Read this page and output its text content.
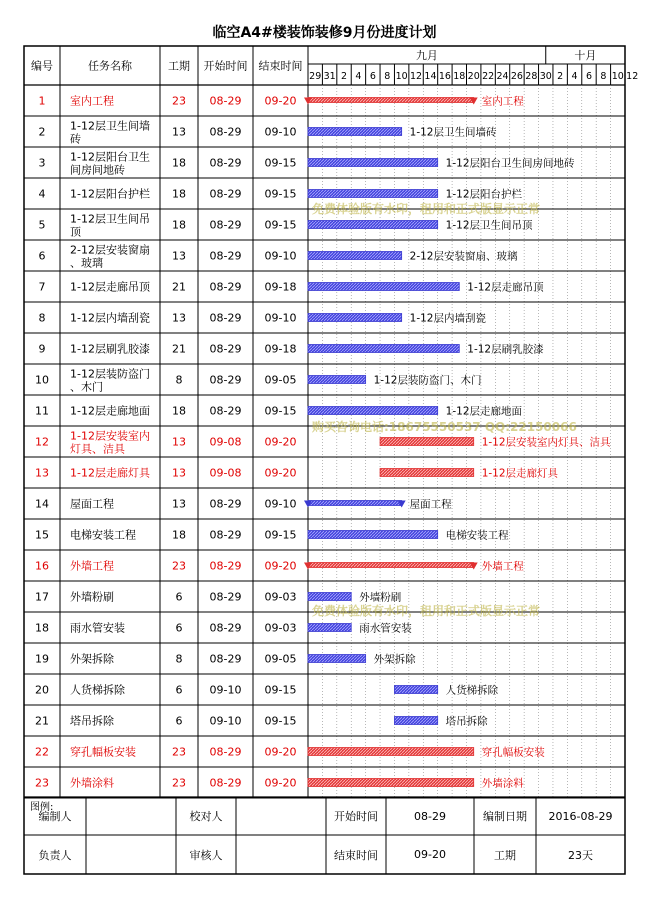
临空A4#楼装饰装修9月份进度计划
编号	任务名称	工期 开始时间 结束时间
九月	十月
29 31 2 4 6 8 10 12 14 16 18 20 22 24 26 28 30 2 4 6 8 10 12
1 室内工程	23 08-29 09-20	室内工程
2 1-12层卫生间墙
砖
13 08-29 09-10	1-12层卫生间墙砖
3 1-12层阳台卫生
间房间地砖
18 08-29 09-15	1-12层阳台卫生间房间地砖
4 1-12层阳台护栏 18 08-29 09-15	1-12层阳台护栏
5 1-12层卫生间吊
顶
18 08-29 09-15	1-12层卫生间吊顶
6 2-12层安装窗扇
、玻璃
13 08-29 09-10	2-12层安装窗扇、玻璃
7 1-12层走廊吊顶 21 08-29 09-18	1-12层走廊吊顶
8 1-12层内墙刮瓷 13 08-29 09-10	1-12层内墙刮瓷
9 1-12层刷乳胶漆 21 08-29 09-18	1-12层刷乳胶漆
10 1-12层装防盗门
、木门
8 08-29 09-05	1-12层装防盗门、木门
11 1-12层走廊地面 18 08-29 09-15	1-12层走廊地面
12 1-12层安装室内
灯具、洁具
13 09-08 09-20	1-12层安装室内灯具、洁具
13 1-12层走廊灯具 13 09-08 09-20	1-12层走廊灯具
14 屋面工程	13 08-29 09-10	屋面工程
15 电梯安装工程	18 08-29 09-15	电梯安装工程
16 外墙工程	23 08-29 09-20	外墙工程
17 外墙粉刷	6 08-29 09-03	外墙粉刷
18 雨水管安装	6 08-29 09-03	雨水管安装
19 外架拆除	8 08-29 09-05	外架拆除
20 人货梯拆除	6 09-10 09-15	人货梯拆除
21 塔吊拆除	6 09-10 09-15	塔吊拆除
22 穿孔幅板安装	23 08-29 09-20	穿孔幅板安装
23 外墙涂料	23 08-29 09-20	外墙涂料
图例:
编制人	校对人	开始时间	08-29	编制日期	2016-08-29
负责人	审核人	结束时间	09-20	工期	23天
免费体验版有水印，租用和正式版显示正常
购买咨询电话:18675550537 QQ:22150066
免费体验版有水印，租用和正式版显示正常
